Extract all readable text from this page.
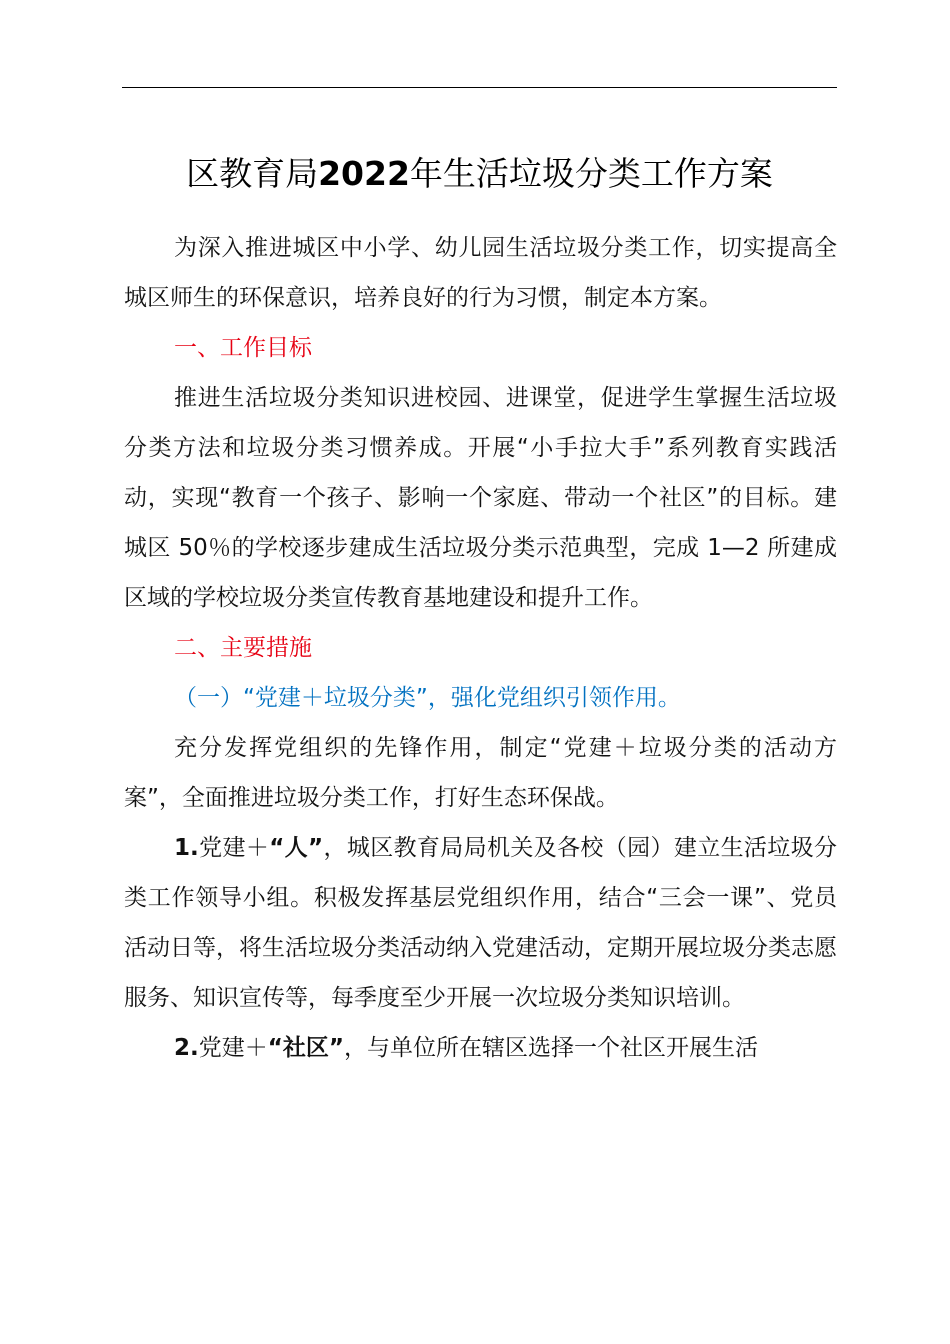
区教育局2022年生活垃圾分类工作方案

为深入推进城区中小学、幼儿园生活垃圾分类工作，切实提高全城区师生的环保意识，培养良好的行为习惯，制定本方案。

一、工作目标

推进生活垃圾分类知识进校园、进课堂，促进学生掌握生活垃圾分类方法和垃圾分类习惯养成。开展“小手拉大手”系列教育实践活动，实现“教育一个孩子、影响一个家庭、带动一个社区”的目标。建城区 50％的学校逐步建成生活垃圾分类示范典型，完成 1—2 所建成区域的学校垃圾分类宣传教育基地建设和提升工作。

二、主要措施

（一）“党建＋垃圾分类”，强化党组织引领作用。

充分发挥党组织的先锋作用，制定“党建＋垃圾分类的活动方案”，全面推进垃圾分类工作，打好生态环保战。

1.党建＋“人”，城区教育局局机关及各校（园）建立生活垃圾分类工作领导小组。积极发挥基层党组织作用，结合“三会一课”、党员活动日等，将生活垃圾分类活动纳入党建活动，定期开展垃圾分类志愿服务、知识宣传等，每季度至少开展一次垃圾分类知识培训。

2.党建＋“社区”，与单位所在辖区选择一个社区开展生活
